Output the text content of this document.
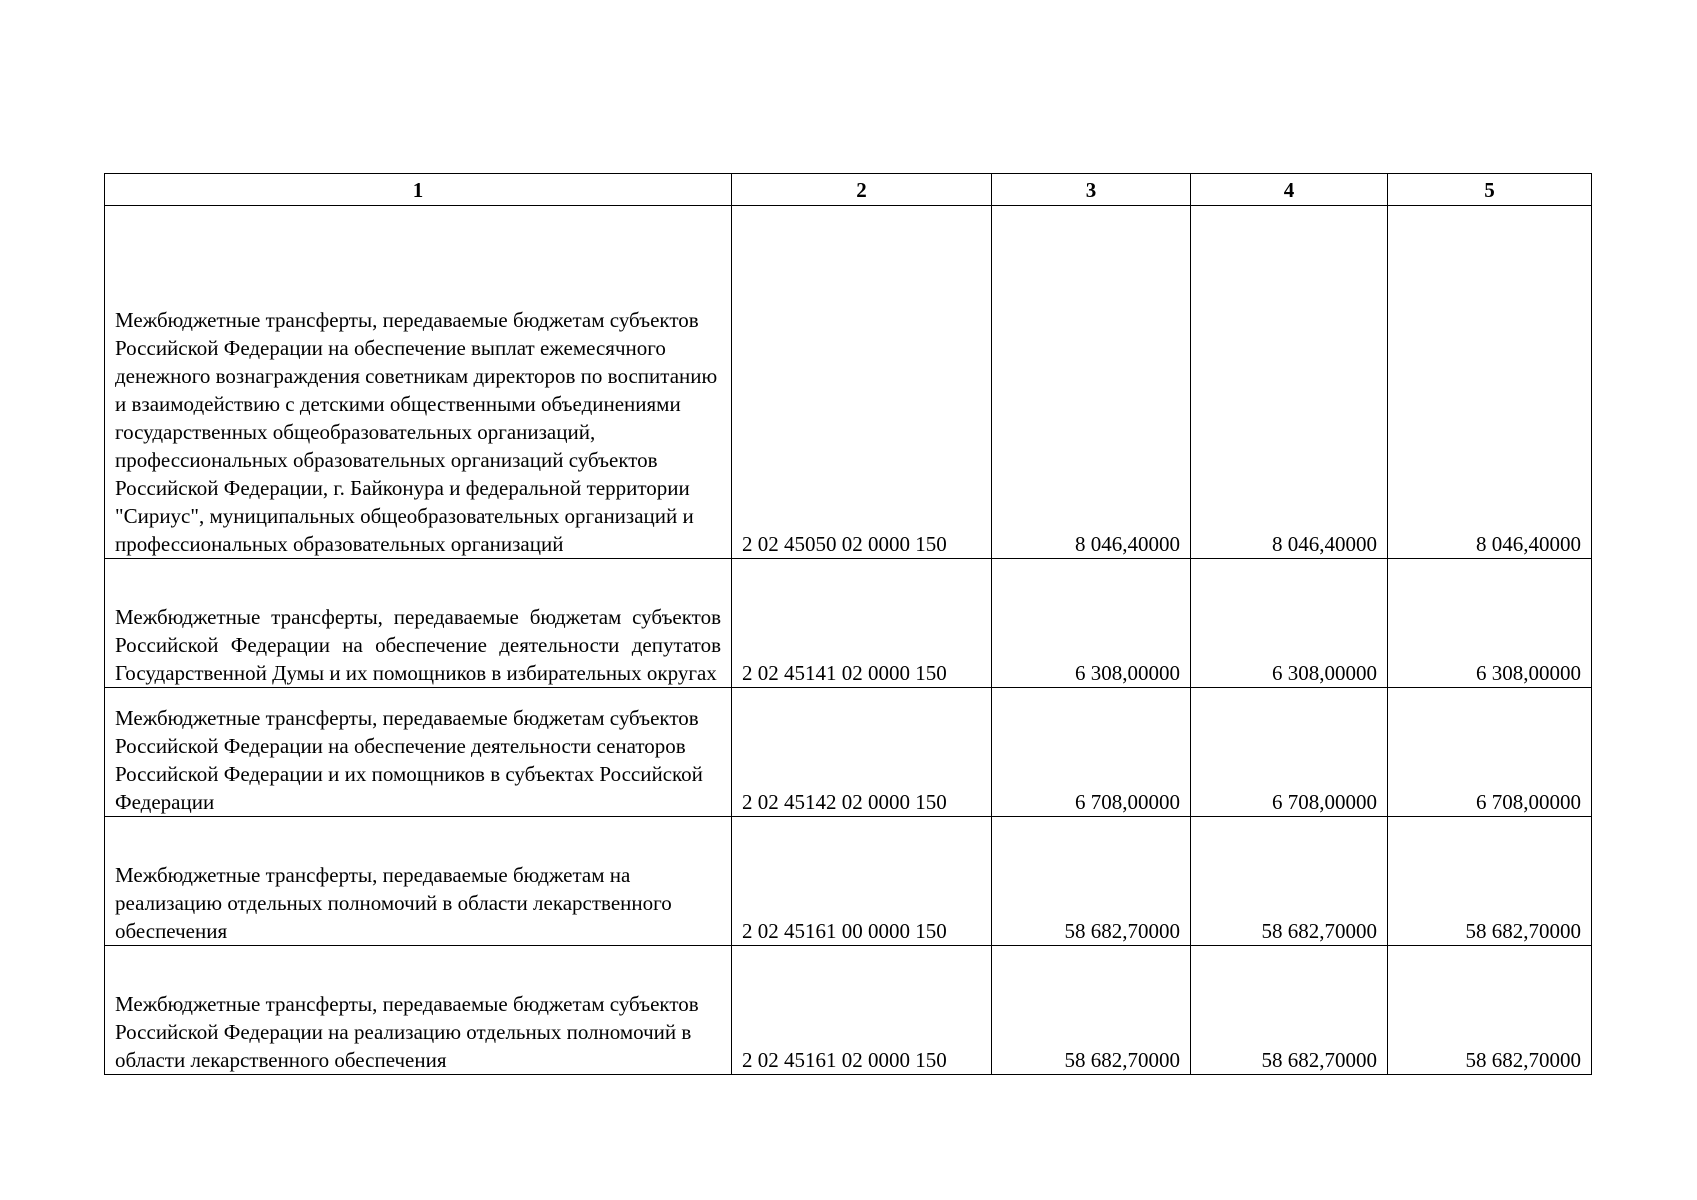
1	2	3	4	5
Межбюджетные трансферты, передаваемые бюджетам субъектов Российской Федерации на обеспечение выплат ежемесячного денежного вознаграждения советникам директоров по воспитанию и взаимодействию с детскими общественными объединениями государственных общеобразовательных организаций, профессиональных образовательных организаций субъектов Российской Федерации, г. Байконура и федеральной территории "Сириус", муниципальных общеобразовательных организаций и профессиональных образовательных организаций	2 02 45050 02 0000 150	8 046,40000	8 046,40000	8 046,40000
Межбюджетные трансферты, передаваемые бюджетам субъектов Российской Федерации на обеспечение деятельности депутатов Государственной Думы и их помощников в избирательных округах	2 02 45141 02 0000 150	6 308,00000	6 308,00000	6 308,00000
Межбюджетные трансферты, передаваемые бюджетам субъектов Российской Федерации на обеспечение деятельности сенаторов Российской Федерации и их помощников в субъектах Российской Федерации	2 02 45142 02 0000 150	6 708,00000	6 708,00000	6 708,00000
Межбюджетные трансферты, передаваемые бюджетам на реализацию отдельных полномочий в области лекарственного обеспечения	2 02 45161 00 0000 150	58 682,70000	58 682,70000	58 682,70000
Межбюджетные трансферты, передаваемые бюджетам субъектов Российской Федерации на реализацию отдельных полномочий в области лекарственного обеспечения	2 02 45161 02 0000 150	58 682,70000	58 682,70000	58 682,70000
